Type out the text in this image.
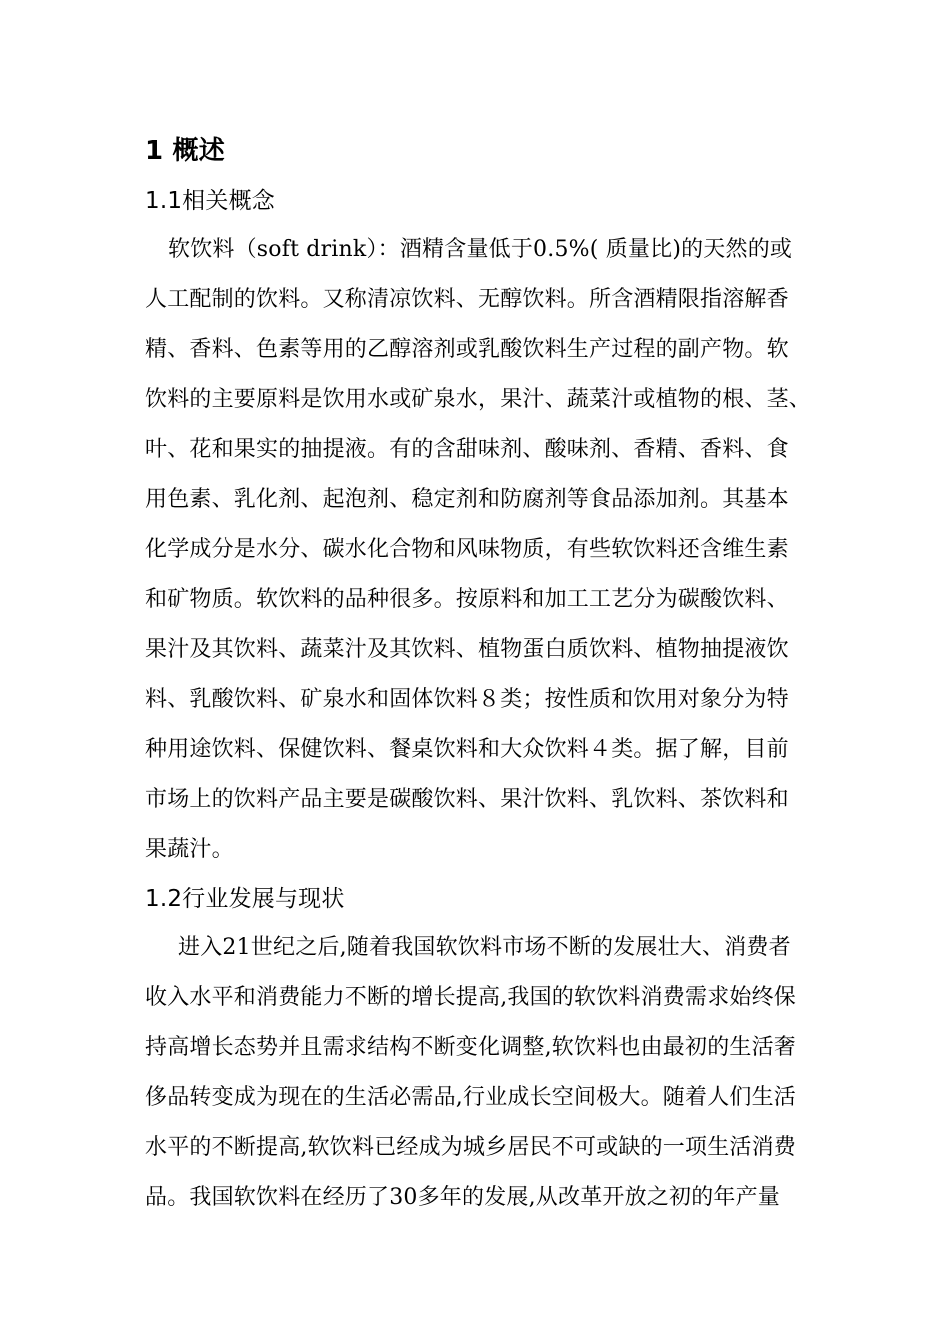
1 概述
1.1相关概念
软饮料（soft drink）：酒精含量低于0.5%( 质量比)的天然的或
人工配制的饮料。又称清凉饮料、无醇饮料。所含酒精限指溶解香
精、香料、色素等用的乙醇溶剂或乳酸饮料生产过程的副产物。软
饮料的主要原料是饮用水或矿泉水，果汁、蔬菜汁或植物的根、茎、
叶、花和果实的抽提液。有的含甜味剂、酸味剂、香精、香料、食
用色素、乳化剂、起泡剂、稳定剂和防腐剂等食品添加剂。其基本
化学成分是水分、碳水化合物和风味物质，有些软饮料还含维生素
和矿物质。软饮料的品种很多。按原料和加工工艺分为碳酸饮料、
果汁及其饮料、蔬菜汁及其饮料、植物蛋白质饮料、植物抽提液饮
料、乳酸饮料、矿泉水和固体饮料８类；按性质和饮用对象分为特
种用途饮料、保健饮料、餐桌饮料和大众饮料４类。据了解，目前
市场上的饮料产品主要是碳酸饮料、果汁饮料、乳饮料、茶饮料和
果蔬汁。
1.2行业发展与现状
进入21世纪之后,随着我国软饮料市场不断的发展壮大、消费者
收入水平和消费能力不断的增长提高,我国的软饮料消费需求始终保
持高增长态势并且需求结构不断变化调整,软饮料也由最初的生活奢
侈品转变成为现在的生活必需品,行业成长空间极大。随着人们生活
水平的不断提高,软饮料已经成为城乡居民不可或缺的一项生活消费
品。我国软饮料在经历了30多年的发展,从改革开放之初的年产量
